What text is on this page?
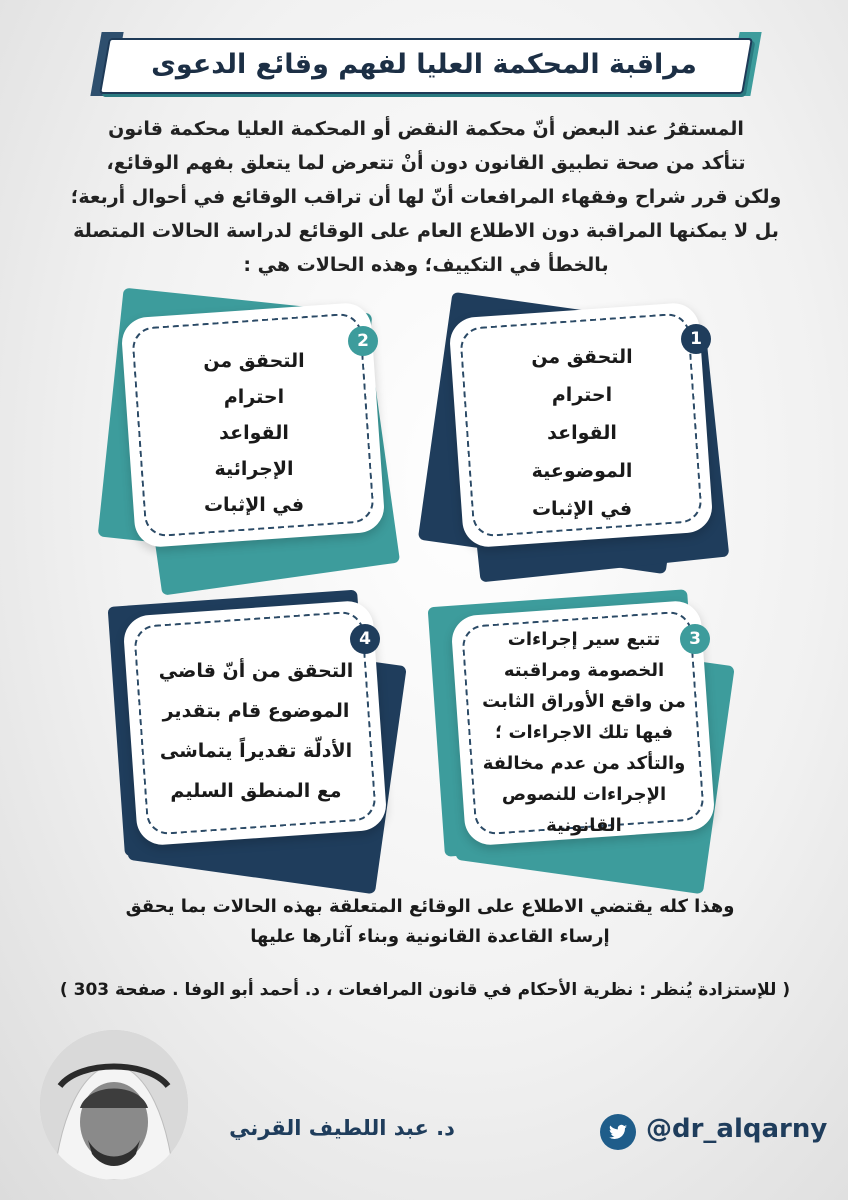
مراقبة المحكمة العليا لفهم وقائع الدعوى
المستقرُ عند البعض أنّ محكمة النقض أو المحكمة العليا محكمة قانون
تتأكد من صحة تطبيق القانون دون أنْ تتعرض لما يتعلق بفهم الوقائع،
ولكن قرر شراح وفقهاء المرافعات أنّ لها أن تراقب الوقائع في أحوال أربعة؛
بل لا يمكنها المراقبة دون الاطلاع العام على الوقائع لدراسة الحالات المتصلة
بالخطأ في التكييف؛ وهذه الحالات هي :
1
التحقق من
احترام
القواعد
الموضوعية
في الإثبات
2
التحقق من
احترام
القواعد
الإجرائية
في الإثبات
3
تتبع سير إجراءات
الخصومة ومراقبته
من واقع الأوراق الثابت
فيها تلك الاجراءات ؛
والتأكد من عدم مخالفة
الإجراءات للنصوص
القانونية
4
التحقق من أنّ قاضي
الموضوع قام بتقدير
الأدلّة تقديراً يتماشى
مع المنطق السليم
وهذا كله يقتضي الاطلاع على الوقائع المتعلقة بهذه الحالات بما يحقق
إرساء القاعدة القانونية وبناء آثارها عليها
( للإستزادة يُنظر : نظرية الأحكام في قانون المرافعات ، د. أحمد أبو الوفا . صفحة 303 )
د. عبد اللطيف القرني	@dr_alqarny
